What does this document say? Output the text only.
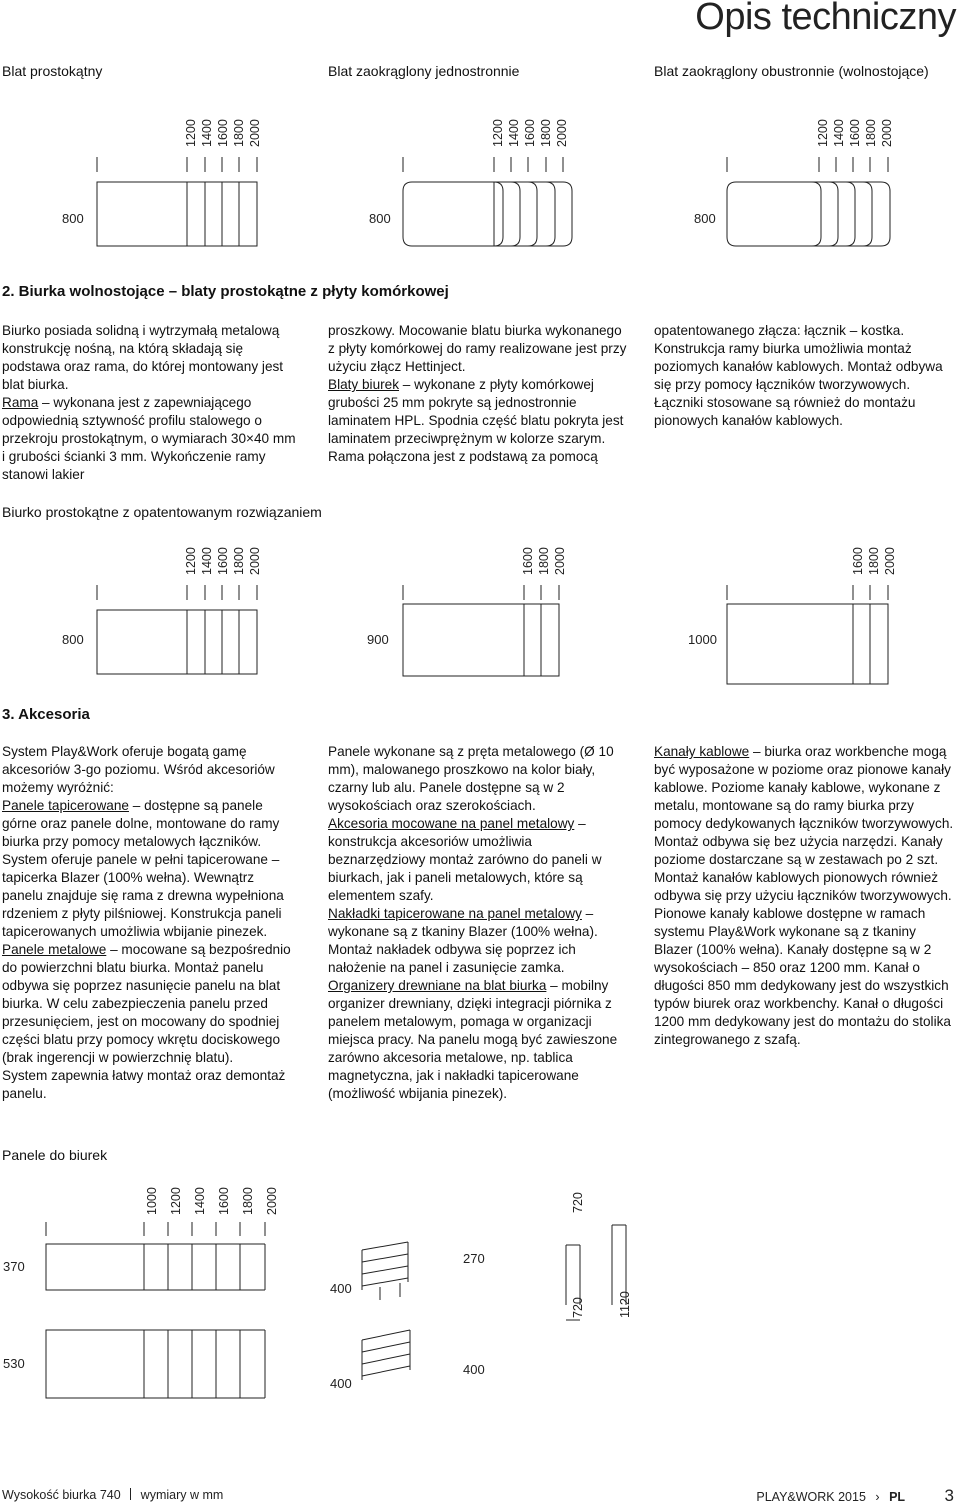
Opis techniczny
Blat prostokątny	Blat zaokrąglony jednostronnie	Blat zaokrąglony obustronnie (wolnostojące)
1200 1400 1600 1800 2000	1200 1400 1600 1800 2000	1200 1400 1600 1800 2000
800	800	800
2. Biurka wolnostojące – blaty prostokątne z płyty komórkowej

Biurko posiada solidną i wytrzymałą metalową konstrukcję nośną, na którą składają się podstawa oraz rama, do której montowany jest blat biurka.

Rama – wykonana jest z zapewniającego odpowiednią sztywność profilu stalowego o przekroju prostokątnym, o wymiarach 30×40 mm i grubości ścianki 3 mm. Wykończenie ramy stanowi lakier

proszkowy. Mocowanie blatu biurka wykonanego z płyty komórkowej do ramy realizowane jest przy użyciu złącz Hettinject.

Blaty biurek – wykonane z płyty komórkowej grubości 25 mm pokryte są jednostronnie laminatem HPL. Spodnia część blatu pokryta jest laminatem przeciwprężnym w kolorze szarym. Rama połączona jest z podstawą za pomocą

opatentowanego złącza: łącznik – kostka. Konstrukcja ramy biurka umożliwia montaż poziomych kanałów kablowych. Montaż odbywa się przy pomocy łączników tworzywowych. Łączniki stosowane są również do montażu pionowych kanałów kablowych.

Biurko prostokątne z opatentowanym rozwiązaniem
1200 1400 1600 1800 2000	1600 1800 2000	1600 1800 2000
800	900	1000
3. Akcesoria

System Play&Work oferuje bogatą gamę akcesoriów 3-go poziomu. Wśród akcesoriów możemy wyróżnić:

Panele tapicerowane – dostępne są panele górne oraz panele dolne, montowane do ramy biurka przy pomocy metalowych łączników. System oferuje panele w pełni tapicerowane – tapicerka Blazer (100% wełna). Wewnątrz panelu znajduje się rama z drewna wypełniona rdzeniem z płyty pilśniowej. Konstrukcja paneli tapicerowanych umożliwia wbijanie pinezek.

Panele metalowe – mocowane są bezpośrednio do powierzchni blatu biurka. Montaż panelu odbywa się poprzez nasunięcie panelu na blat biurka. W celu zabezpieczenia panelu przed przesunięciem, jest on mocowany do spodniej części blatu przy pomocy wkrętu dociskowego (brak ingerencji w powierzchnię blatu).

System zapewnia łatwy montaż oraz demontaż panelu.

Panele wykonane są z pręta metalowego (Ø 10 mm), malowanego proszkowo na kolor biały, czarny lub alu. Panele dostępne są w 2 wysokościach oraz szerokościach.

Akcesoria mocowane na panel metalowy – konstrukcja akcesoriów umożliwia beznarzędziowy montaż zarówno do paneli w biurkach, jak i paneli metalowych, które są elementem szafy.

Nakładki tapicerowane na panel metalowy – wykonane są z tkaniny Blazer (100% wełna). Montaż nakładek odbywa się poprzez ich nałożenie na panel i zasunięcie zamka.

Organizery drewniane na blat biurka – mobilny organizer drewniany, dzięki integracji piórnika z panelem metalowym, pomaga w organizacji miejsca pracy. Na panelu mogą być zawieszone zarówno akcesoria metalowe, np. tablica magnetyczna, jak i nakładki tapicerowane (możliwość wbijania pinezek).

Kanały kablowe – biurka oraz workbenche mogą być wyposażone w poziome oraz pionowe kanały kablowe. Poziome kanały kablowe, wykonane z metalu, montowane są do ramy biurka przy pomocy dedykowanych łączników tworzywowych. Montaż odbywa się bez użycia narzędzi. Kanały poziome dostarczane są w zestawach po 2 szt. Montaż kanałów kablowych pionowych również odbywa się przy użyciu łączników tworzywowych. Pionowe kanały kablowe dostępne w ramach systemu Play&Work wykonane są z tkaniny Blazer (100% wełna). Kanały dostępne są w 2 wysokościach – 850 oraz 1200 mm. Kanał o długości 850 mm dedykowany jest do wszystkich typów biurek oraz workbenchy. Kanał o długości 1200 mm dedykowany jest do montażu do stolika zintegrowanego z szafą.

Panele do biurek
1000 1200 1400 1600 1800 2000	720
720	1120
370
530
400
400
270
400
Wysokość biurka 740 wymiary w mm	PLAY&WORK 2015 › PL 3
